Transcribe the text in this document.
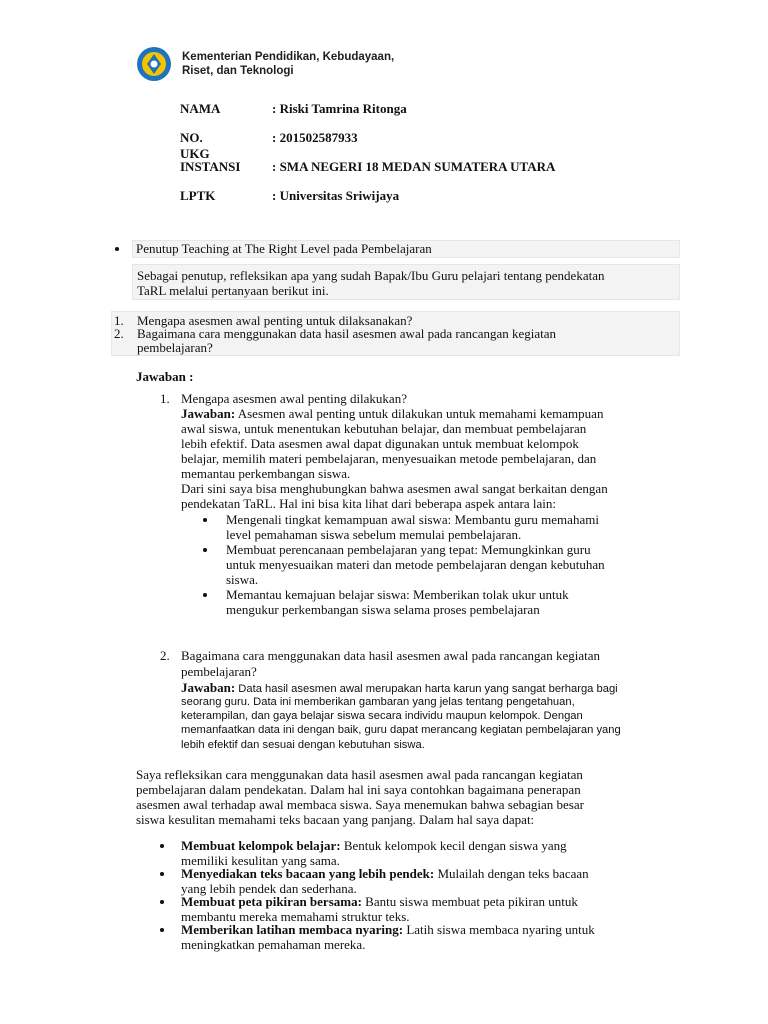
Kementerian Pendidikan, Kebudayaan,
Riset, dan Teknologi
NAMA	: Riski Tamrina Ritonga
NO. UKG
: 201502587933
INSTANSI : SMA NEGERI 18 MEDAN SUMATERA UTARA
LPTK	: Universitas Sriwijaya
Penutup Teaching at The Right Level pada Pembelajaran
Sebagai penutup, refleksikan apa yang sudah Bapak/Ibu Guru pelajari tentang pendekatan
TaRL melalui pertanyaan berikut ini.
1. Mengapa asesmen awal penting untuk dilaksanakan?
2. Bagaimana cara menggunakan data hasil asesmen awal pada rancangan kegiatan
pembelajaran?
Jawaban :
1. Mengapa asesmen awal penting dilakukan?
Jawaban: Asesmen awal penting untuk dilakukan untuk memahami kemampuan
awal siswa, untuk menentukan kebutuhan belajar, dan membuat pembelajaran
lebih efektif. Data asesmen awal dapat digunakan untuk membuat kelompok
belajar, memilih materi pembelajaran, menyesuaikan metode pembelajaran, dan
memantau perkembangan siswa.
Dari sini saya bisa menghubungkan bahwa asesmen awal sangat berkaitan dengan
pendekatan TaRL. Hal ini bisa kita lihat dari beberapa aspek antara lain:
Mengenali tingkat kemampuan awal siswa: Membantu guru memahami
level pemahaman siswa sebelum memulai pembelajaran.
Membuat perencanaan pembelajaran yang tepat: Memungkinkan guru
untuk menyesuaikan materi dan metode pembelajaran dengan kebutuhan
siswa.
Memantau kemajuan belajar siswa: Memberikan tolak ukur untuk
mengukur perkembangan siswa selama proses pembelajaran
2. Bagaimana cara menggunakan data hasil asesmen awal pada rancangan kegiatan
pembelajaran?
Jawaban: Data hasil asesmen awal merupakan harta karun yang sangat berharga bagi
seorang guru. Data ini memberikan gambaran yang jelas tentang pengetahuan,
keterampilan, dan gaya belajar siswa secara individu maupun kelompok. Dengan
memanfaatkan data ini dengan baik, guru dapat merancang kegiatan pembelajaran yang
lebih efektif dan sesuai dengan kebutuhan siswa.
Saya refleksikan cara menggunakan data hasil asesmen awal pada rancangan kegiatan
pembelajaran dalam pendekatan. Dalam hal ini saya contohkan bagaimana penerapan
asesmen awal terhadap awal membaca siswa. Saya menemukan bahwa sebagian besar
siswa kesulitan memahami teks bacaan yang panjang. Dalam hal saya dapat:
Membuat kelompok belajar: Bentuk kelompok kecil dengan siswa yang
memiliki kesulitan yang sama.
Menyediakan teks bacaan yang lebih pendek: Mulailah dengan teks bacaan
yang lebih pendek dan sederhana.
Membuat peta pikiran bersama: Bantu siswa membuat peta pikiran untuk
membantu mereka memahami struktur teks.
Memberikan latihan membaca nyaring: Latih siswa membaca nyaring untuk
meningkatkan pemahaman mereka.
